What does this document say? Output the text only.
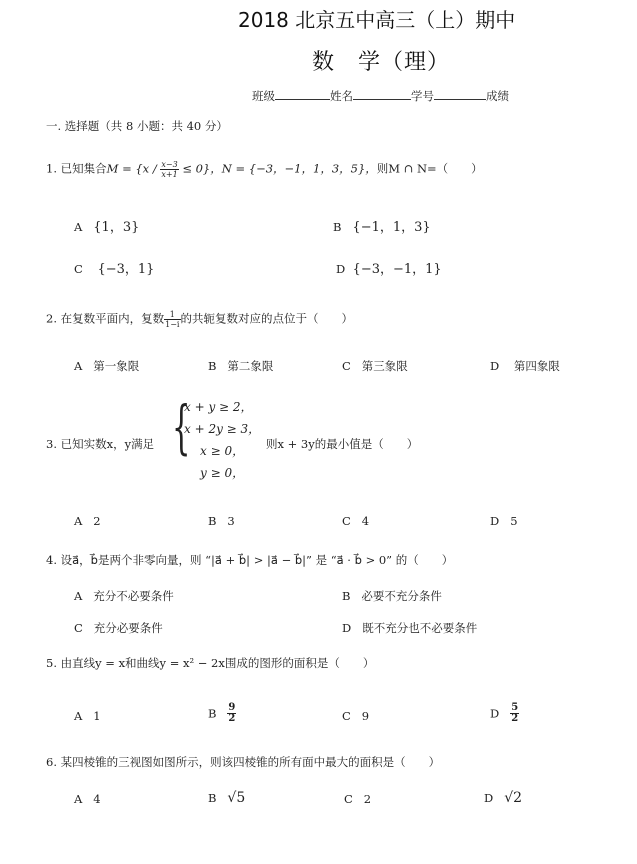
2018 北京五中高三（上）期中
数　学（理）
班级	姓名	学号	成绩
一. 选择题（共 8 小题：共 40 分）
1. 已知集合$M = \{x / \frac{x-3}{x+1} \le 0\}$，N = {−3，−1，1，3，5}，则M ∩ N=（　　）
A {1，3}	B {−1，1，3}
C {−3，1}	D {−3，−1，1}
2. 在复数平面内，复数 $\frac{1}{1-i}$ 的共轭复数对应的点位于（　　）
A 第一象限	B 第二象限	C 第三象限	D 第四象限
3. 已知实数x，y满足 {
x + y ≥ 2，
x + 2y ≥ 3，
x ≥ 0，
y ≥ 0，
则x + 3y的最小值是（　　）
A 2	B 3	C 4	D 5
4. 设a⃗，b⃗是两个非零向量，则 “|a⃗ + b⃗| > |a⃗ − b⃗|” 是 “a⃗ · b⃗ > 0” 的（　　）
A 充分不必要条件	B 必要不充分条件
C 充分必要条件	D 既不充分也不必要条件
5. 由直线y = x和曲线y = x² − 2x围成的图形的面积是（　　）
A 1	B $\frac{9}{2}$	C 9	D $\frac{5}{2}$
6. 某四棱锥的三视图如图所示，则该四棱锥的所有面中最大的面积是（　　）
A 4	B √5	C 2	D √2
